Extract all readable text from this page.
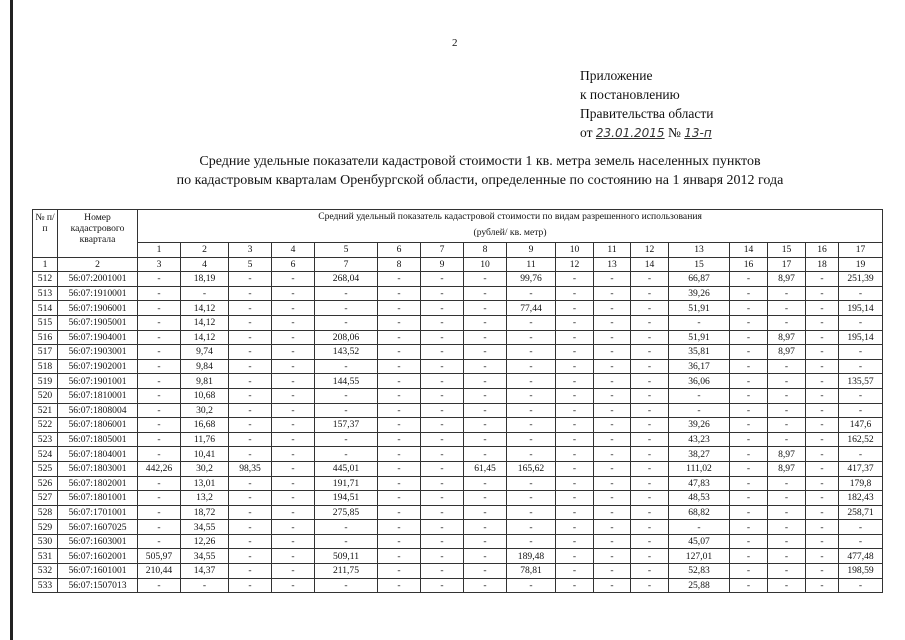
2
Приложение
к постановлению
Правительства области
от 23.01.2015 № 13-п
Средние удельные показатели кадастровой стоимости 1 кв. метра земель населенных пунктов
по кадастровым кварталам Оренбургской области, определенные по состоянию на 1 января 2012 года
№ п/п	Номер кадастрового квартала	Средний удельный показатель кадастровой стоимости по видам разрешенного использования																
		(рублей/ кв. метр)																
		1	2	3	4	5	6	7	8	9	10	11	12	13	14	15	16	17
1	2	3	4	5	6	7	8	9	10	11	12	13	14	15	16	17	18	19
512	56:07:2001001	-	18,19	-	-	268,04	-	-	-	99,76	-	-	-	66,87	-	8,97	-	251,39
513	56:07:1910001	-	-	-	-	-	-	-	-	-	-	-	-	39,26	-	-	-	-
514	56:07:1906001	-	14,12	-	-	-	-	-	-	77,44	-	-	-	51,91	-	-	-	195,14
515	56:07:1905001	-	14,12	-	-	-	-	-	-	-	-	-	-	-	-	-	-	-
516	56:07:1904001	-	14,12	-	-	208,06	-	-	-	-	-	-	-	51,91	-	8,97	-	195,14
517	56:07:1903001	-	9,74	-	-	143,52	-	-	-	-	-	-	-	35,81	-	8,97	-	-
518	56:07:1902001	-	9,84	-	-	-	-	-	-	-	-	-	-	36,17	-	-	-	-
519	56:07:1901001	-	9,81	-	-	144,55	-	-	-	-	-	-	-	36,06	-	-	-	135,57
520	56:07:1810001	-	10,68	-	-	-	-	-	-	-	-	-	-	-	-	-	-	-
521	56:07:1808004	-	30,2	-	-	-	-	-	-	-	-	-	-	-	-	-	-	-
522	56:07:1806001	-	16,68	-	-	157,37	-	-	-	-	-	-	-	39,26	-	-	-	147,6
523	56:07:1805001	-	11,76	-	-	-	-	-	-	-	-	-	-	43,23	-	-	-	162,52
524	56:07:1804001	-	10,41	-	-	-	-	-	-	-	-	-	-	38,27	-	8,97	-	-
525	56:07:1803001	442,26	30,2	98,35	-	445,01	-	-	61,45	165,62	-	-	-	111,02	-	8,97	-	417,37
526	56:07:1802001	-	13,01	-	-	191,71	-	-	-	-	-	-	-	47,83	-	-	-	179,8
527	56:07:1801001	-	13,2	-	-	194,51	-	-	-	-	-	-	-	48,53	-	-	-	182,43
528	56:07:1701001	-	18,72	-	-	275,85	-	-	-	-	-	-	-	68,82	-	-	-	258,71
529	56:07:1607025	-	34,55	-	-	-	-	-	-	-	-	-	-	-	-	-	-	-
530	56:07:1603001	-	12,26	-	-	-	-	-	-	-	-	-	-	45,07	-	-	-	-
531	56:07:1602001	505,97	34,55	-	-	509,11	-	-	-	189,48	-	-	-	127,01	-	-	-	477,48
532	56:07:1601001	210,44	14,37	-	-	211,75	-	-	-	78,81	-	-	-	52,83	-	-	-	198,59
533	56:07:1507013	-	-	-	-	-	-	-	-	-	-	-	-	25,88	-	-	-	-
